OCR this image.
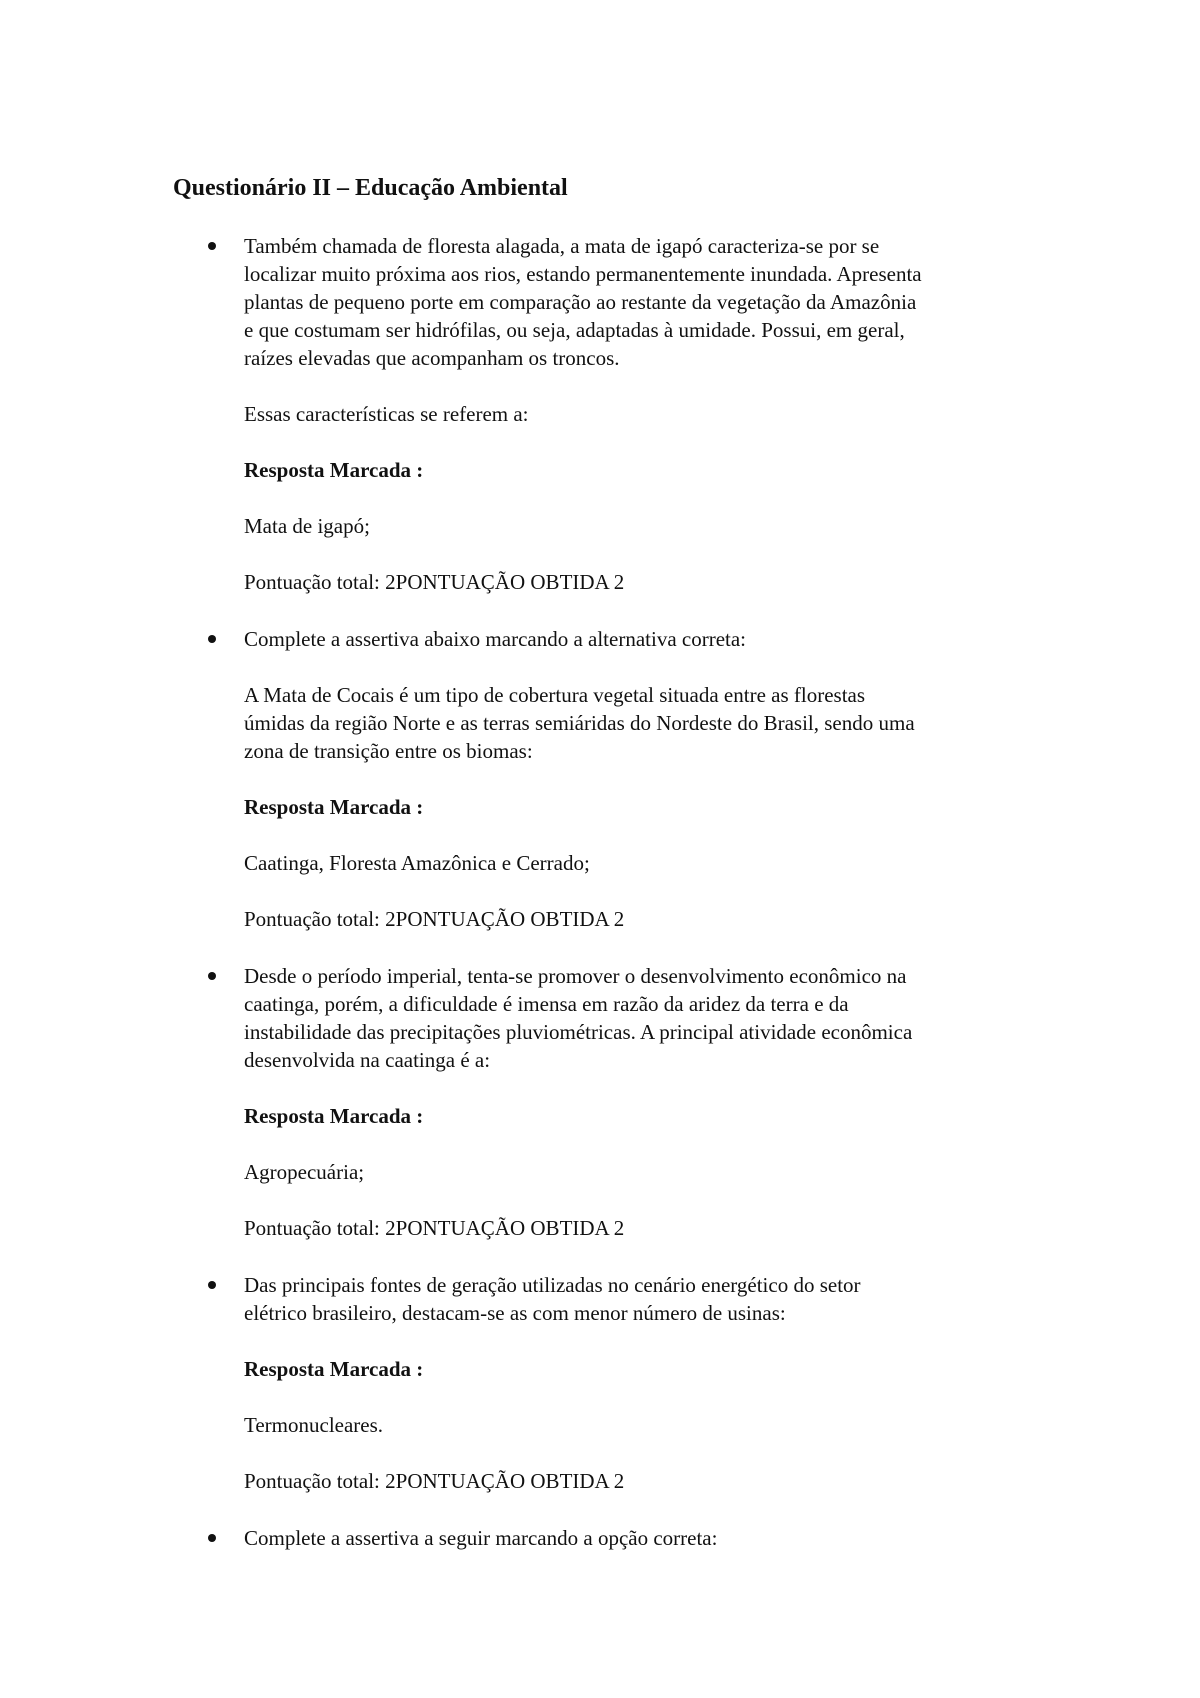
Questionário II – Educação Ambiental

Também chamada de floresta alagada, a mata de igapó caracteriza-se por se

localizar muito próxima aos rios, estando permanentemente inundada. Apresenta

plantas de pequeno porte em comparação ao restante da vegetação da Amazônia

e que costumam ser hidrófilas, ou seja, adaptadas à umidade. Possui, em geral,

raízes elevadas que acompanham os troncos.

Essas características se referem a:

Resposta Marcada :

Mata de igapó;

Pontuação total: 2PONTUAÇÃO OBTIDA 2

Complete a assertiva abaixo marcando a alternativa correta:

A Mata de Cocais é um tipo de cobertura vegetal situada entre as florestas

úmidas da região Norte e as terras semiáridas do Nordeste do Brasil, sendo uma

zona de transição entre os biomas:

Resposta Marcada :

Caatinga, Floresta Amazônica e Cerrado;

Pontuação total: 2PONTUAÇÃO OBTIDA 2

Desde o período imperial, tenta-se promover o desenvolvimento econômico na

caatinga, porém, a dificuldade é imensa em razão da aridez da terra e da

instabilidade das precipitações pluviométricas. A principal atividade econômica

desenvolvida na caatinga é a:

Resposta Marcada :

Agropecuária;

Pontuação total: 2PONTUAÇÃO OBTIDA 2

Das principais fontes de geração utilizadas no cenário energético do setor

elétrico brasileiro, destacam-se as com menor número de usinas:

Resposta Marcada :

Termonucleares.

Pontuação total: 2PONTUAÇÃO OBTIDA 2

Complete a assertiva a seguir marcando a opção correta:
